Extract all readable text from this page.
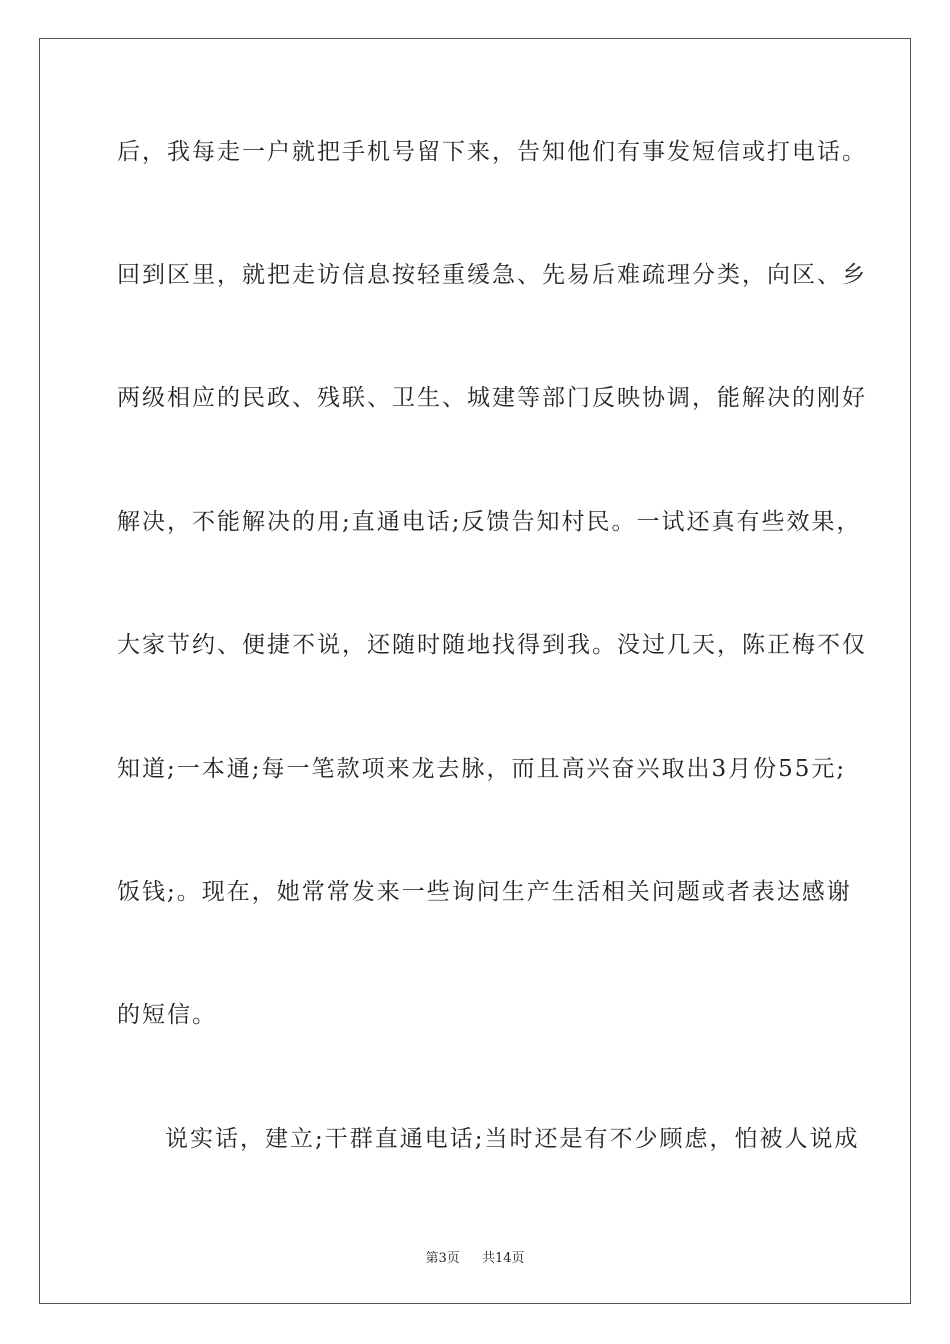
后，我每走一户就把手机号留下来，告知他们有事发短信或打电话。
回到区里，就把走访信息按轻重缓急、先易后难疏理分类，向区、乡
两级相应的民政、残联、卫生、城建等部门反映协调，能解决的刚好
解决，不能解决的用;直通电话;反馈告知村民。一试还真有些效果，
大家节约、便捷不说，还随时随地找得到我。没过几天，陈正梅不仅
知道;一本通;每一笔款项来龙去脉，而且高兴奋兴取出3月份55元;
饭钱;。现在，她常常发来一些询问生产生活相关问题或者表达感谢
的短信。
说实话，建立;干群直通电话;当时还是有不少顾虑，怕被人说成
第3页 共14页
